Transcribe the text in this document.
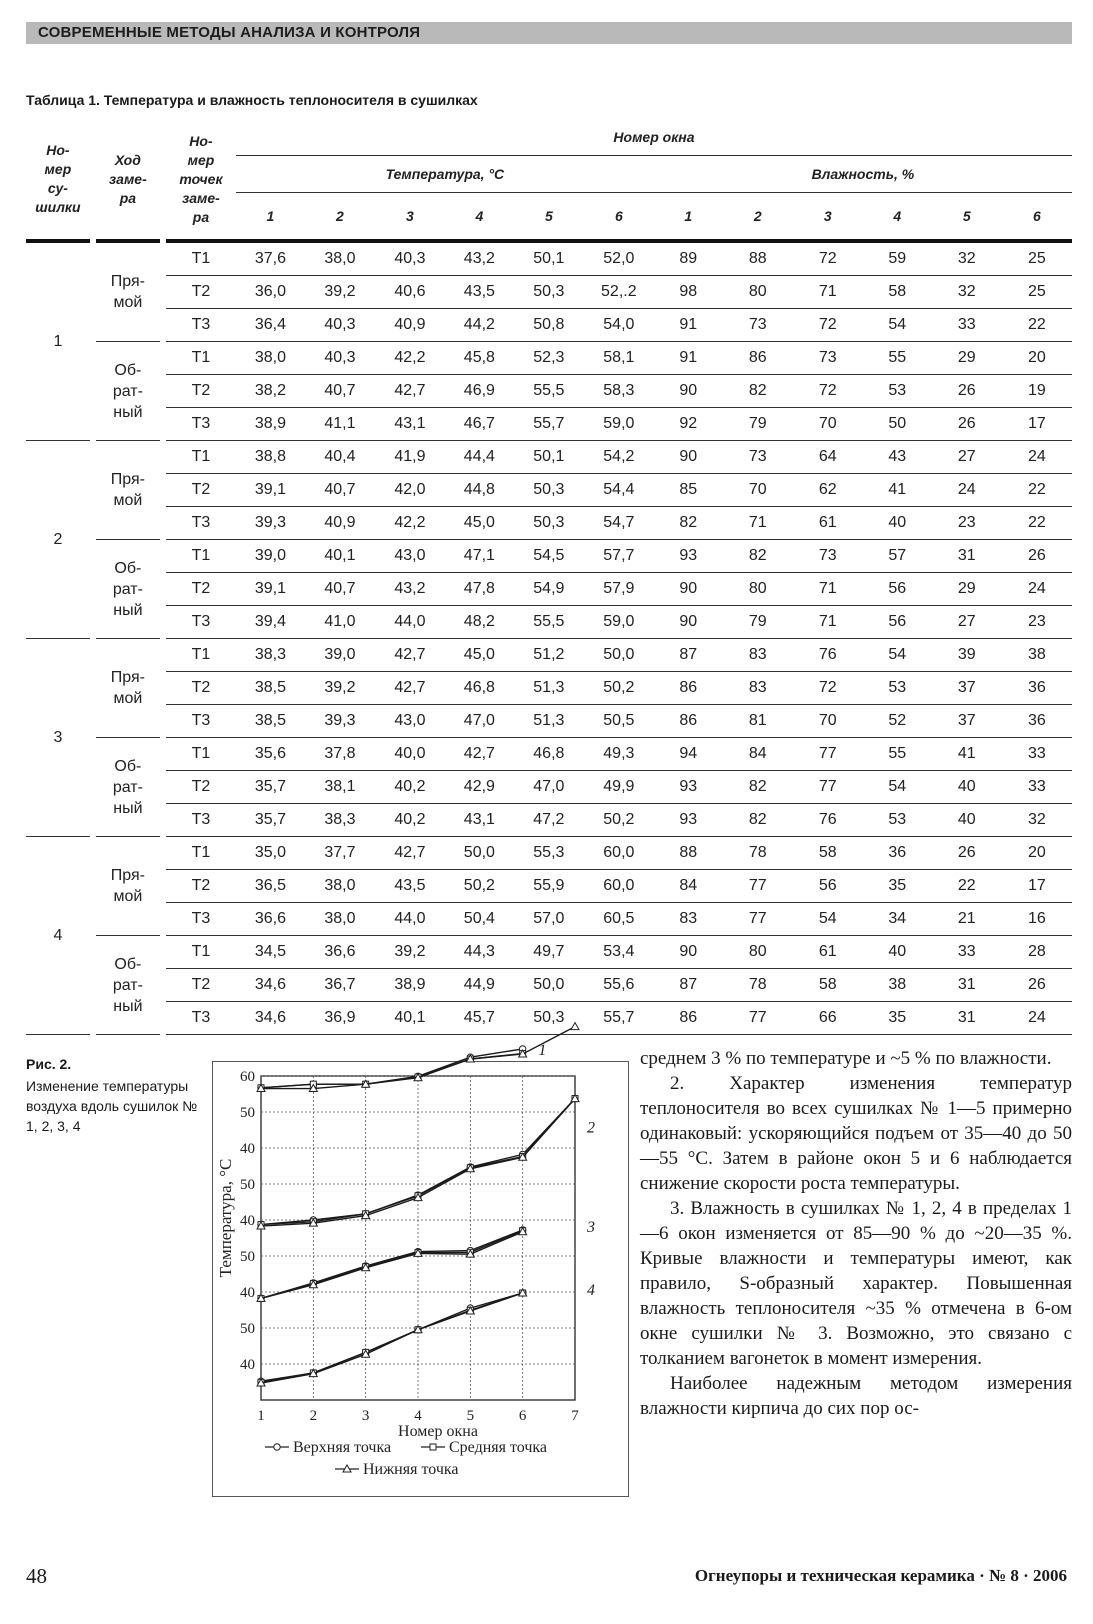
СОВРЕМЕННЫЕ МЕТОДЫ АНАЛИЗА И КОНТРОЛЯ
Таблица 1. Температура и влажность теплоносителя в сушилках
Но-
мер
су-
шилки		Ход
заме-
ра		Но-
мер
точек
заме-
ра	Номер окна											
					Температура, °C						Влажность, %					
					1	2	3	4	5	6	1	2	3	4	5	6
1		Пря-
мой		Т1	37,6	38,0	40,3	43,2	50,1	52,0	89	88	72	59	32	25
				Т2	36,0	39,2	40,6	43,5	50,3	52,.2	98	80	71	58	32	25
				Т3	36,4	40,3	40,9	44,2	50,8	54,0	91	73	72	54	33	22
		Об-
рат-
ный		Т1	38,0	40,3	42,2	45,8	52,3	58,1	91	86	73	55	29	20
				Т2	38,2	40,7	42,7	46,9	55,5	58,3	90	82	72	53	26	19
				Т3	38,9	41,1	43,1	46,7	55,7	59,0	92	79	70	50	26	17
2		Пря-
мой		Т1	38,8	40,4	41,9	44,4	50,1	54,2	90	73	64	43	27	24
				Т2	39,1	40,7	42,0	44,8	50,3	54,4	85	70	62	41	24	22
				Т3	39,3	40,9	42,2	45,0	50,3	54,7	82	71	61	40	23	22
		Об-
рат-
ный		Т1	39,0	40,1	43,0	47,1	54,5	57,7	93	82	73	57	31	26
				Т2	39,1	40,7	43,2	47,8	54,9	57,9	90	80	71	56	29	24
				Т3	39,4	41,0	44,0	48,2	55,5	59,0	90	79	71	56	27	23
3		Пря-
мой		Т1	38,3	39,0	42,7	45,0	51,2	50,0	87	83	76	54	39	38
				Т2	38,5	39,2	42,7	46,8	51,3	50,2	86	83	72	53	37	36
				Т3	38,5	39,3	43,0	47,0	51,3	50,5	86	81	70	52	37	36
		Об-
рат-
ный		Т1	35,6	37,8	40,0	42,7	46,8	49,3	94	84	77	55	41	33
				Т2	35,7	38,1	40,2	42,9	47,0	49,9	93	82	77	54	40	33
				Т3	35,7	38,3	40,2	43,1	47,2	50,2	93	82	76	53	40	32
4		Пря-
мой		Т1	35,0	37,7	42,7	50,0	55,3	60,0	88	78	58	36	26	20
				Т2	36,5	38,0	43,5	50,2	55,9	60,0	84	77	56	35	22	17
				Т3	36,6	38,0	44,0	50,4	57,0	60,5	83	77	54	34	21	16
		Об-
рат-
ный		Т1	34,5	36,6	39,2	44,3	49,7	53,4	90	80	61	40	33	28
				Т2	34,6	36,7	38,9	44,9	50,0	55,6	87	78	58	38	31	26
				Т3	34,6	36,9	40,1	45,7	50,3	55,7	86	77	66	35	31	24
Рис. 2.
Изменение температуры воздуха вдоль сушилок № 1, 2, 3, 4
60
50
40
50
40
50
40
50
40
1	2	3	4	5	6	7
Номер окна
Температура, °C
1
2
3
4
Верхняя точка	Средняя точка
Нижняя точка

среднем 3 % по температуре и ~5 % по влажности.

2. Характер изменения температур теплоносителя во всех сушилках № 1—5 примерно одинаковый: ускоряющийся подъем от 35—40 до 50—55 °C. Затем в районе окон 5 и 6 наблюдается снижение скорости роста температуры.

3. Влажность в сушилках № 1, 2, 4 в пределах 1—6 окон изменяется от 85—90 % до ~20—35 %. Кривые влажности и температуры имеют, как правило, S-образный характер. Повышенная влажность теплоносителя ~35 % отмечена в 6-ом окне сушилки № 3. Возможно, это связано с толканием вагонеток в момент измерения.

Наиболее надежным методом измерения влажности кирпича до сих пор ос-

48	Огнеупоры и техническая керамика · № 8 · 2006
